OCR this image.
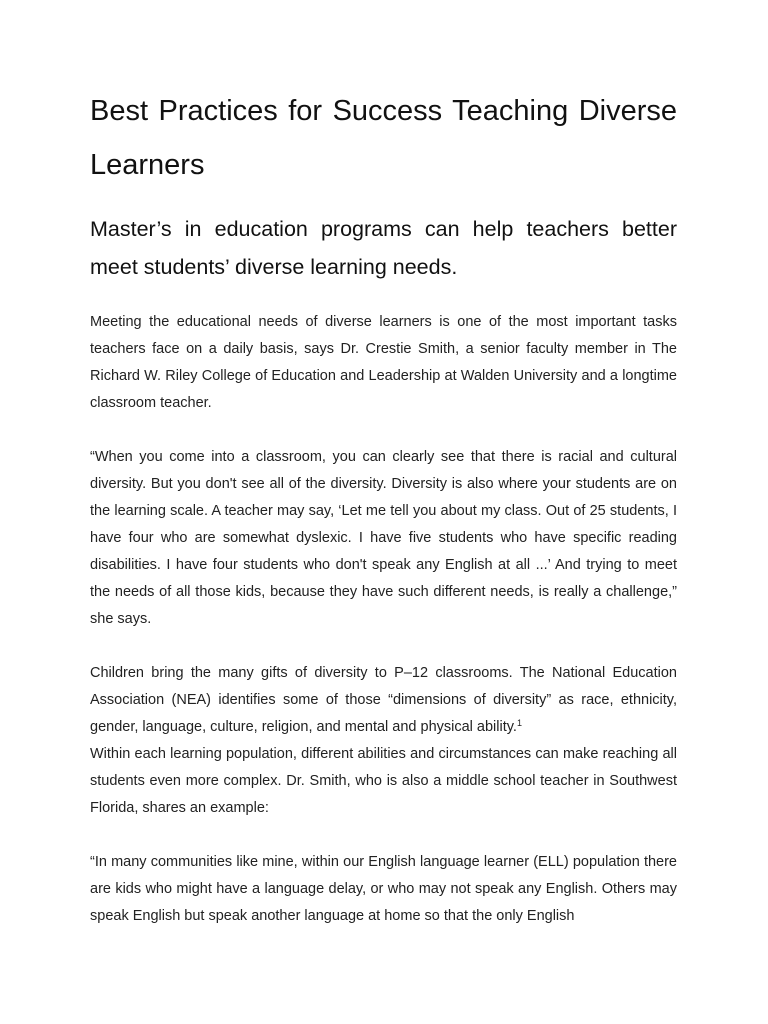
Best Practices for Success Teaching Diverse Learners
Master’s in education programs can help teachers better meet students’ diverse learning needs.

Meeting the educational needs of diverse learners is one of the most important tasks teachers face on a daily basis, says Dr. Crestie Smith, a senior faculty member in The Richard W. Riley College of Education and Leadership at Walden University and a longtime classroom teacher.

“When you come into a classroom, you can clearly see that there is racial and cultural diversity. But you don't see all of the diversity. Diversity is also where your students are on the learning scale. A teacher may say, ‘Let me tell you about my class. Out of 25 students, I have four who are somewhat dyslexic. I have five students who have specific reading disabilities. I have four students who don't speak any English at all ...’ And trying to meet the needs of all those kids, because they have such different needs, is really a challenge,” she says.

Children bring the many gifts of diversity to P–12 classrooms. The National Education Association (NEA) identifies some of those “dimensions of diversity” as race, ethnicity, gender, language, culture, religion, and mental and physical ability.$^1$

Within each learning population, different abilities and circumstances can make reaching all students even more complex. Dr. Smith, who is also a middle school teacher in Southwest Florida, shares an example:

“In many communities like mine, within our English language learner (ELL) population there are kids who might have a language delay, or who may not speak any English. Others may speak English but speak another language at home so that the only English
